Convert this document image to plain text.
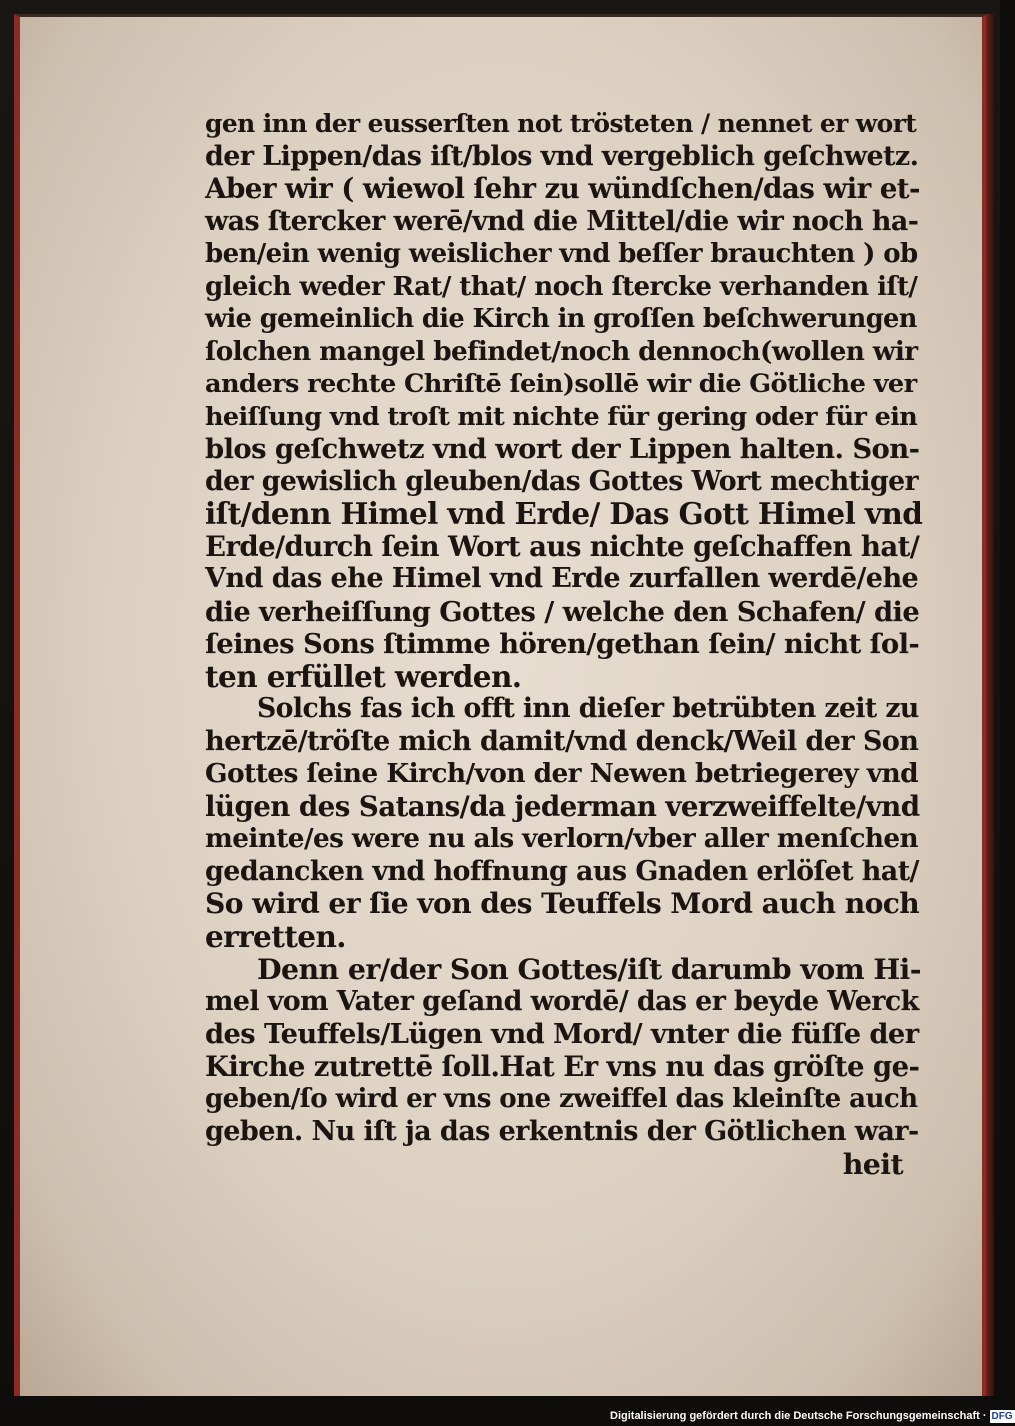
gen inn der eusserſten not trösteten / nennet er wort
der Lippen/das iſt/blos vnd vergeblich geſchwetz.
Aber wir ( wiewol ſehr zu wündſchen/das wir et-
was ſtercker werē/vnd die Mittel/die wir noch ha-
ben/ein wenig weislicher vnd beſſer brauchten ) ob
gleich weder Rat/ that/ noch ſtercke verhanden iſt/
wie gemeinlich die Kirch in groſſen beſchwerungen
ſolchen mangel befindet/noch dennoch(wollen wir
anders rechte Chriſtē ſein)sollē wir die Götliche ver
heiſſung vnd troſt mit nichte für gering oder für ein
blos geſchwetz vnd wort der Lippen halten. Son-
der gewislich gleuben/das Gottes Wort mechtiger
iſt/denn Himel vnd Erde/ Das Gott Himel vnd
Erde/durch ſein Wort aus nichte geſchaffen hat/
Vnd das ehe Himel vnd Erde zurfallen werdē/ehe
die verheiſſung Gottes / welche den Schafen/ die
ſeines Sons ſtimme hören/gethan ſein/ nicht ſol-
ten erfüllet werden.
Solchs fas ich offt inn dieſer betrübten zeit zu
hertzē/tröſte mich damit/vnd denck/Weil der Son
Gottes ſeine Kirch/von der Newen betriegerey vnd
lügen des Satans/da jederman verzweiffelte/vnd
meinte/es were nu als verlorn/vber aller menſchen
gedancken vnd hoffnung aus Gnaden erlöſet hat/
So wird er ſie von des Teuffels Mord auch noch
erretten.
Denn er/der Son Gottes/iſt darumb vom Hi-
mel vom Vater geſand wordē/ das er beyde Werck
des Teuffels/Lügen vnd Mord/ vnter die füſſe der
Kirche zutrettē ſoll.Hat Er vns nu das gröſte ge-
geben/ſo wird er vns one zweiffel das kleinſte auch
geben. Nu iſt ja das erkentnis der Götlichen war-
heit
Digitalisierung gefördert durch die Deutsche Forschungsgemeinschaft · DFG
